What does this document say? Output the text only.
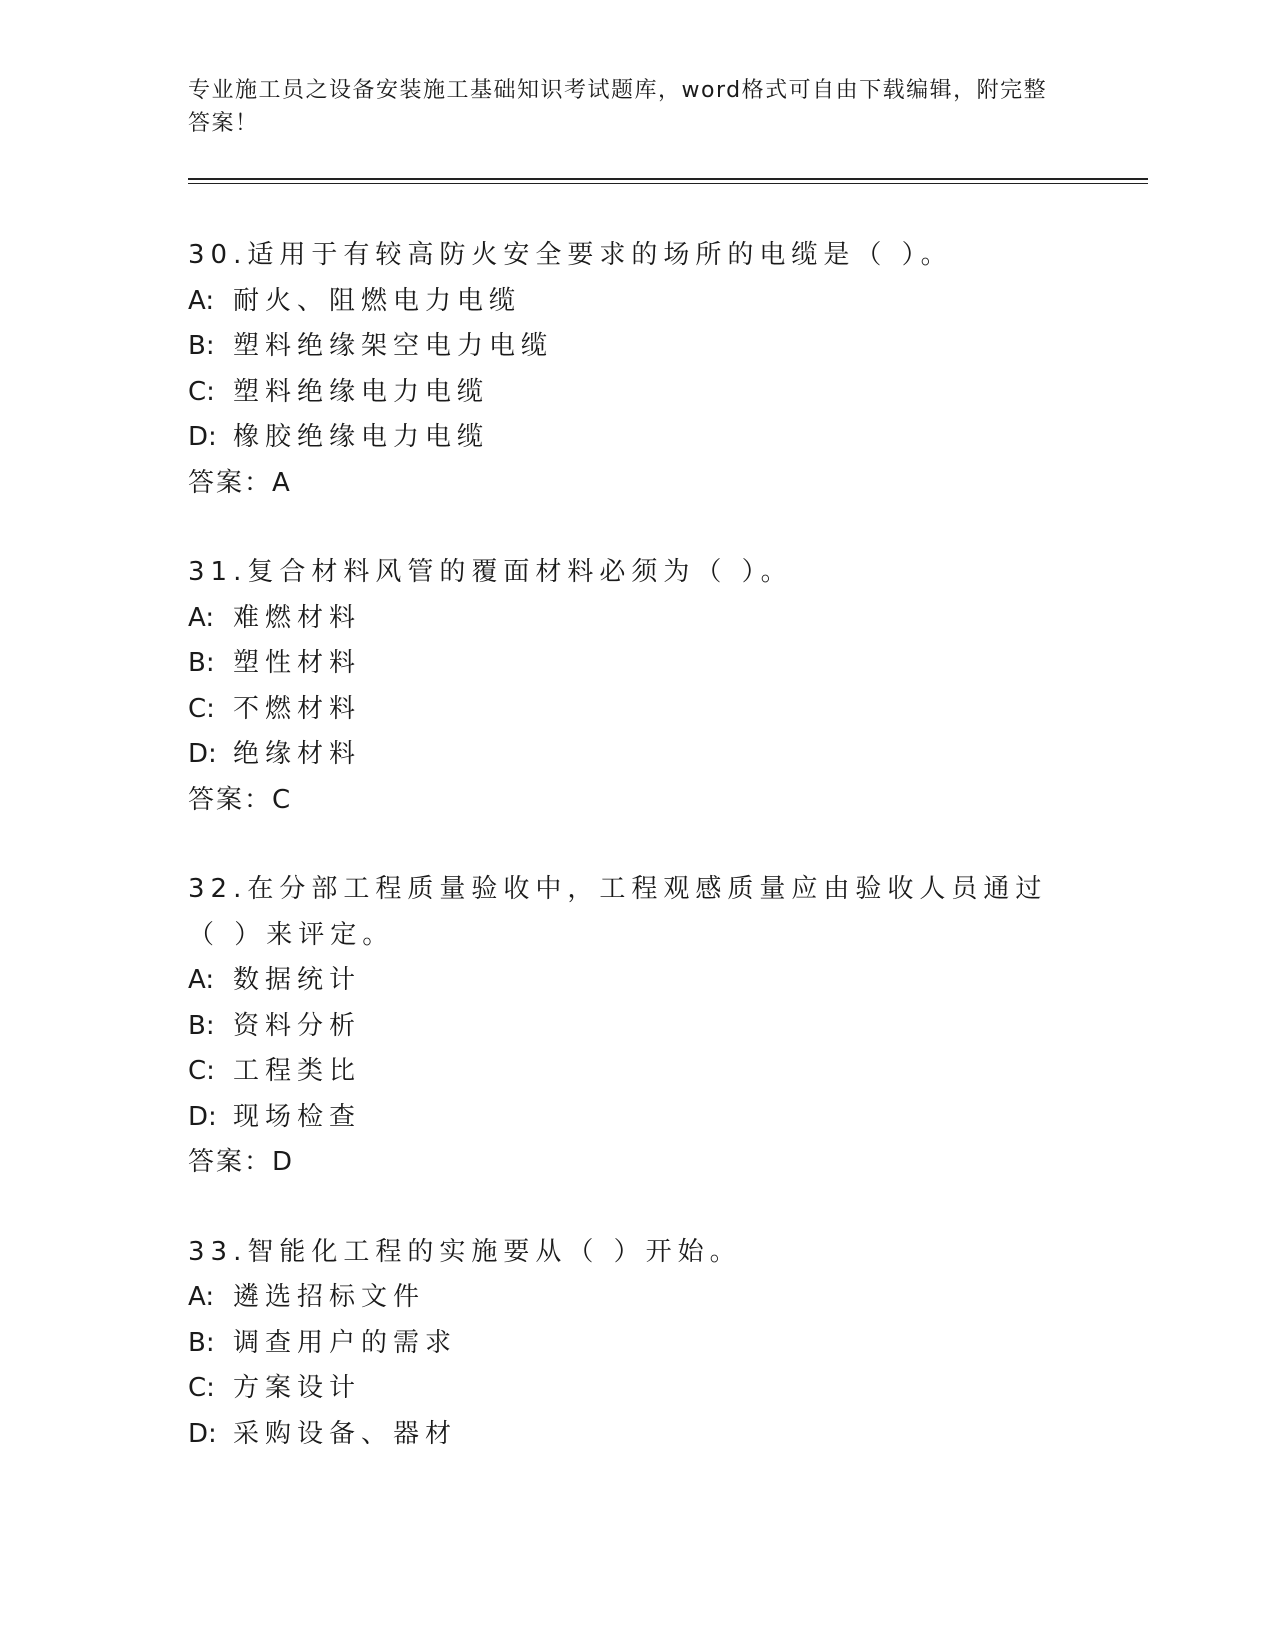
专业施工员之设备安装施工基础知识考试题库，word格式可自由下载编辑，附完整答案！
30.适用于有较高防火安全要求的场所的电缆是（ ）。
A: 耐火、阻燃电力电缆
B: 塑料绝缘架空电力电缆
C: 塑料绝缘电力电缆
D: 橡胶绝缘电力电缆
答案：A
31.复合材料风管的覆面材料必须为（ ）。
A: 难燃材料
B: 塑性材料
C: 不燃材料
D: 绝缘材料
答案：C
32.在分部工程质量验收中，工程观感质量应由验收人员通过（ ）来评定。
A: 数据统计
B: 资料分析
C: 工程类比
D: 现场检查
答案：D
33.智能化工程的实施要从（ ）开始。
A: 遴选招标文件
B: 调查用户的需求
C: 方案设计
D: 采购设备、器材
